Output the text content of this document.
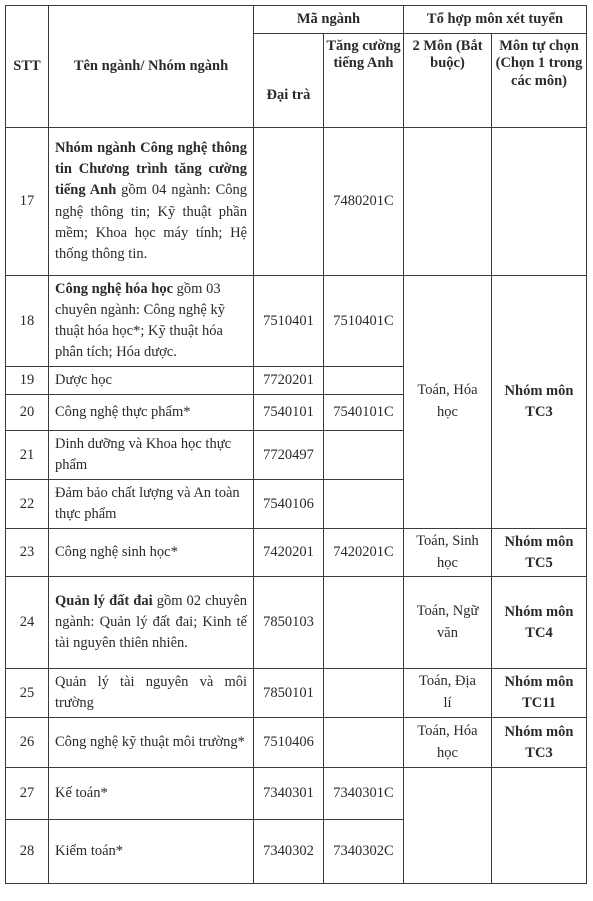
STT	Tên ngành/ Nhóm ngành	Mã ngành		Tổ hợp môn xét tuyển	
		Đại trà	Tăng cường tiếng Anh	2 Môn (Bắt buộc)	Môn tự chọn (Chọn 1 trong các môn)
17	Nhóm ngành Công nghệ thông tin Chương trình tăng cường tiếng Anh gồm 04 ngành: Công nghệ thông tin; Kỹ thuật phần mềm; Khoa học máy tính; Hệ thống thông tin.		7480201C		
18	Công nghệ hóa học gồm 03 chuyên ngành: Công nghệ kỹ thuật hóa học*; Kỹ thuật hóa phân tích; Hóa dược.	7510401	7510401C	Toán, Hóa học	Nhóm môn TC3
19	Dược học	7720201			
20	Công nghệ thực phẩm*	7540101	7540101C		
21	Dinh dưỡng và Khoa học thực phẩm	7720497			
22	Đảm bảo chất lượng và An toàn thực phẩm	7540106			
23	Công nghệ sinh học*	7420201	7420201C	Toán, Sinh học	Nhóm môn TC5
24	Quản lý đất đai gồm 02 chuyên ngành: Quản lý đất đai; Kinh tế tài nguyên thiên nhiên.	7850103		Toán, Ngữ văn	Nhóm môn TC4
25	Quản lý tài nguyên và môi trường	7850101		Toán, Địa lí	Nhóm môn TC11
26	Công nghệ kỹ thuật môi trường*	7510406		Toán, Hóa học	Nhóm môn TC3
27	Kế toán*	7340301	7340301C		
28	Kiểm toán*	7340302	7340302C		
